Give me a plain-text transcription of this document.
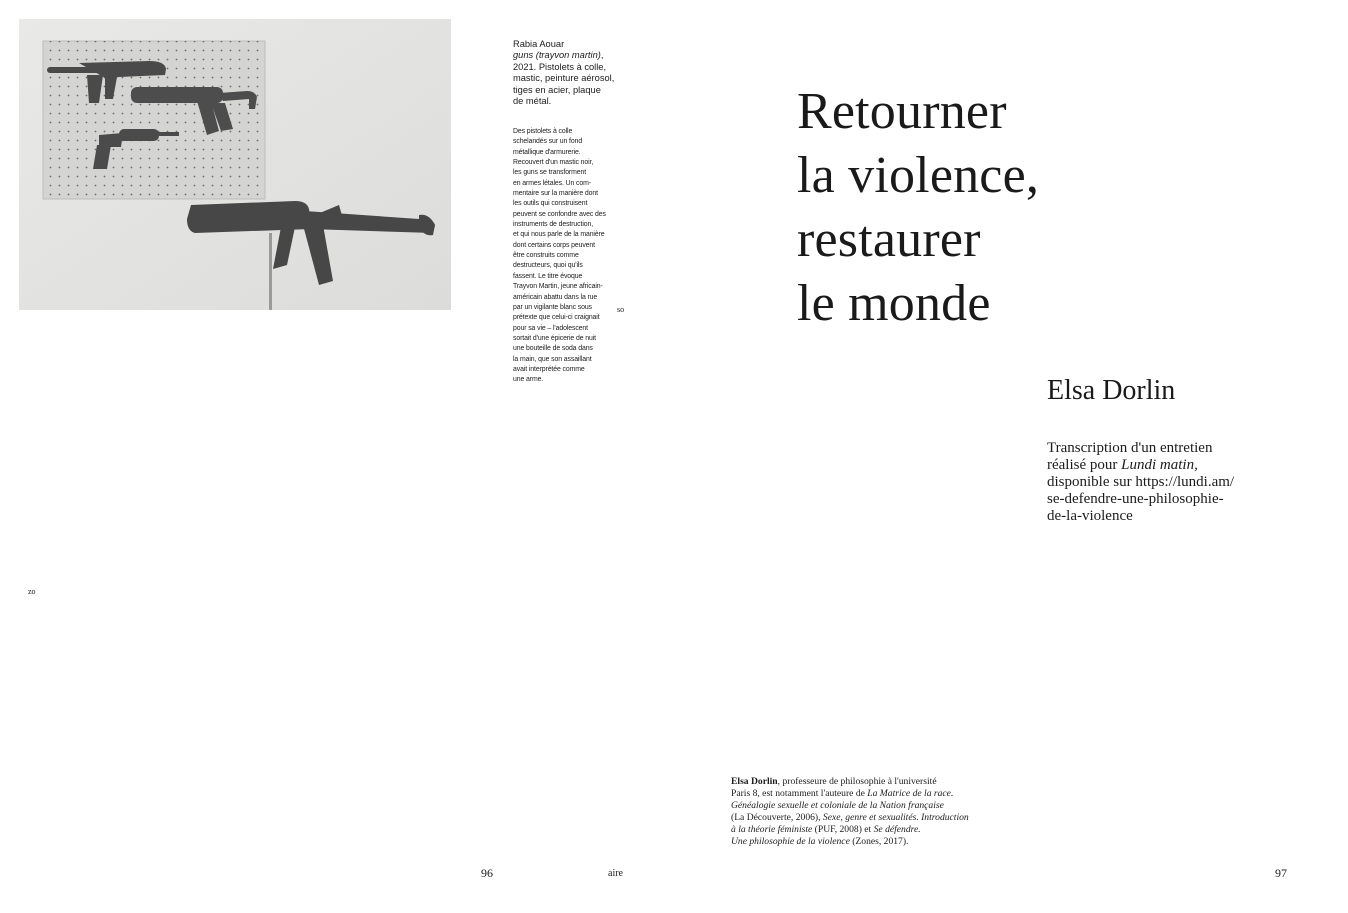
Rabia Aouar
guns (trayvon martin),
2021. Pistolets à colle,
mastic, peinture aérosol,
tiges en acier, plaque
de métal.
Des pistolets à colle
schelandés sur un fond
métallique d'armurerie.
Recouvert d'un mastic noir,
les guns se transforment
en armes létales. Un com-
mentaire sur la manière dont
les outils qui construisent
peuvent se confondre avec des
instruments de destruction,
et qui nous parle de la manière
dont certains corps peuvent
être construits comme
destructeurs, quoi qu'ils
fassent. Le titre évoque
Trayvon Martin, jeune africain-
américain abattu dans la rue
par un vigilante blanc sous
prétexte que celui-ci craignait
pour sa vie – l'adolescent
sortait d'une épicerie de nuit
une bouteille de soda dans
la main, que son assaillant
avait interprétée comme
une arme.
so
zo
Retourner
la violence,
restaurer
le monde
Elsa Dorlin
Transcription d'un entretien
réalisé pour Lundi matin,
disponible sur https://lundi.am/
se-defendre-une-philosophie-
de-la-violence
Elsa Dorlin, professeure de philosophie à l'université
Paris 8, est notamment l'auteure de La Matrice de la race.
Généalogie sexuelle et coloniale de la Nation française
(La Découverte, 2006), Sexe, genre et sexualités. Introduction
à la théorie féministe (PUF, 2008) et Se défendre.
Une philosophie de la violence (Zones, 2017).
96	aire	97
